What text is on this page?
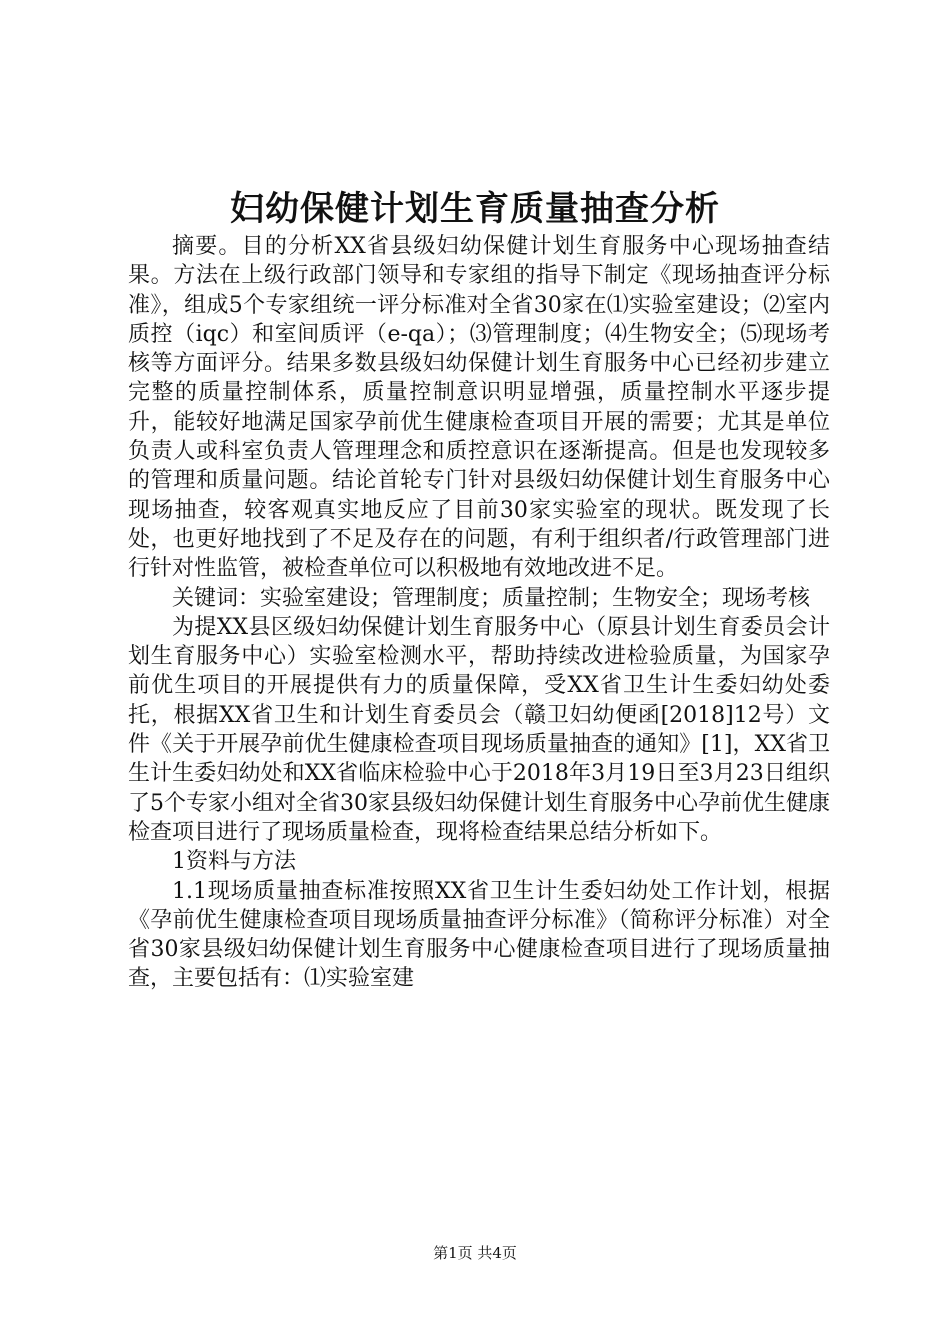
妇幼保健计划生育质量抽查分析

摘要。目的分析XX省县级妇幼保健计划生育服务中心现场抽查结果。方法在上级行政部门领导和专家组的指导下制定《现场抽查评分标准》，组成5个专家组统一评分标准对全省30家在⑴实验室建设；⑵室内质控（iqc）和室间质评（e-qa）；⑶管理制度；⑷生物安全；⑸现场考核等方面评分。结果多数县级妇幼保健计划生育服务中心已经初步建立完整的质量控制体系，质量控制意识明显增强，质量控制水平逐步提升，能较好地满足国家孕前优生健康检查项目开展的需要；尤其是单位负责人或科室负责人管理理念和质控意识在逐渐提高。但是也发现较多的管理和质量问题。结论首轮专门针对县级妇幼保健计划生育服务中心现场抽查，较客观真实地反应了目前30家实验室的现状。既发现了长处，也更好地找到了不足及存在的问题，有利于组织者/行政管理部门进行针对性监管，被检查单位可以积极地有效地改进不足。

关键词：实验室建设；管理制度；质量控制；生物安全；现场考核

为提XX县区级妇幼保健计划生育服务中心（原县计划生育委员会计划生育服务中心）实验室检测水平，帮助持续改进检验质量，为国家孕前优生项目的开展提供有力的质量保障，受XX省卫生计生委妇幼处委托，根据XX省卫生和计划生育委员会（赣卫妇幼便函[2018]12号）文件《关于开展孕前优生健康检查项目现场质量抽查的通知》[1]，XX省卫生计生委妇幼处和XX省临床检验中心于2018年3月19日至3月23日组织了5个专家小组对全省30家县级妇幼保健计划生育服务中心孕前优生健康检查项目进行了现场质量检查，现将检查结果总结分析如下。

1资料与方法

1.1现场质量抽查标准按照XX省卫生计生委妇幼处工作计划，根据《孕前优生健康检查项目现场质量抽查评分标准》（简称评分标准）对全省30家县级妇幼保健计划生育服务中心健康检查项目进行了现场质量抽查，主要包括有：⑴实验室建

第1页 共4页
